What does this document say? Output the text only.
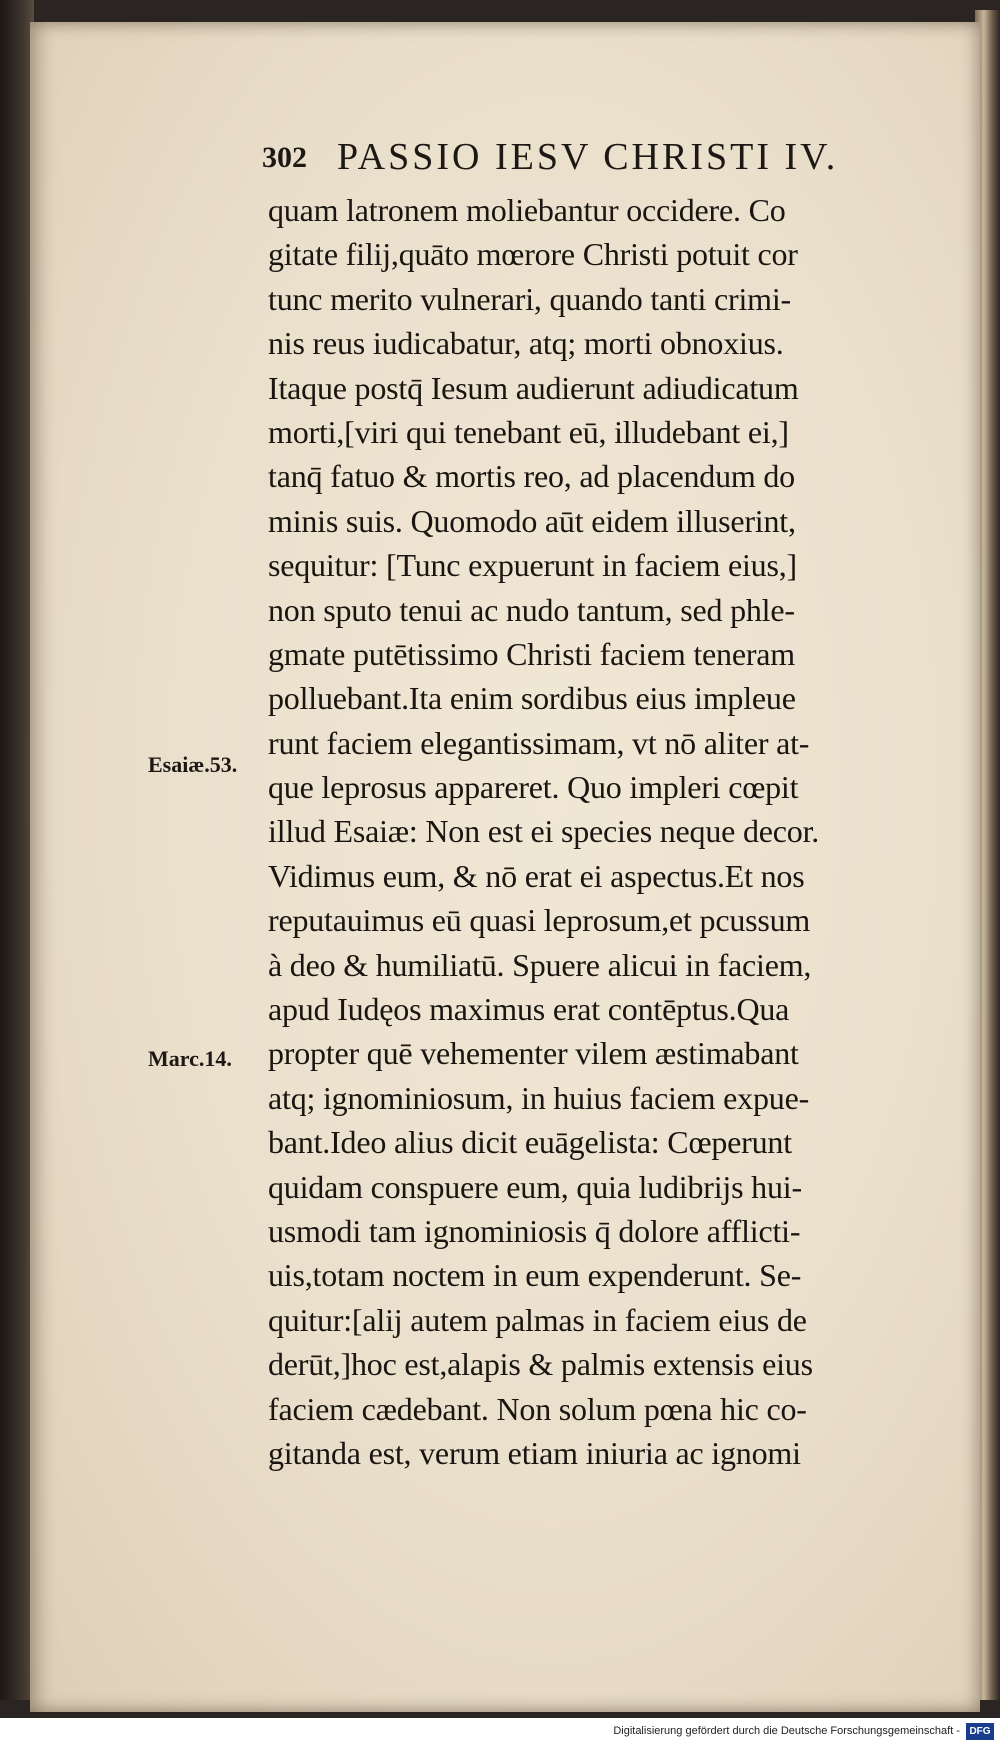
302 PASSIO IESV CHRISTI IV.
Esaiæ.53.
Marc.14.
quam latronem moliebantur occidere. Co
gitate filij,quāto mœrore Christi potuit cor
tunc merito vulnerari, quando tanti crimi-
nis reus iudicabatur, atq; morti obnoxius.
Itaque postq̄ Iesum audierunt adiudicatum
morti,[viri qui tenebant eū, illudebant ei,]
tanq̄ fatuo & mortis reo, ad placendum do
minis suis. Quomodo aūt eidem illuserint,
sequitur: [Tunc expuerunt in faciem eius,]
non sputo tenui ac nudo tantum, sed phle-
gmate putētissimo Christi faciem teneram
polluebant.Ita enim sordibus eius impleue
runt faciem elegantissimam, vt nō aliter at-
que leprosus appareret. Quo impleri cœpit
illud Esaiæ: Non est ei species neque decor.
Vidimus eum, & nō erat ei aspectus.Et nos
reputauimus eū quasi leprosum,et pcussum
à deo & humiliatū. Spuere alicui in faciem,
apud Iudęos maximus erat contēptus.Qua
propter quē vehementer vilem æstimabant
atq; ignominiosum, in huius faciem expue-
bant.Ideo alius dicit euāgelista: Cœperunt
quidam conspuere eum, quia ludibrijs hui-
usmodi tam ignominiosis q̄ dolore afflicti-
uis,totam noctem in eum expenderunt. Se-
quitur:[alij autem palmas in faciem eius de
derūt,]hoc est,alapis & palmis extensis eius
faciem cædebant. Non solum pœna hic co-
gitanda est, verum etiam iniuria ac ignomi
Digitalisierung gefördert durch die Deutsche Forschungsgemeinschaft - DFG
